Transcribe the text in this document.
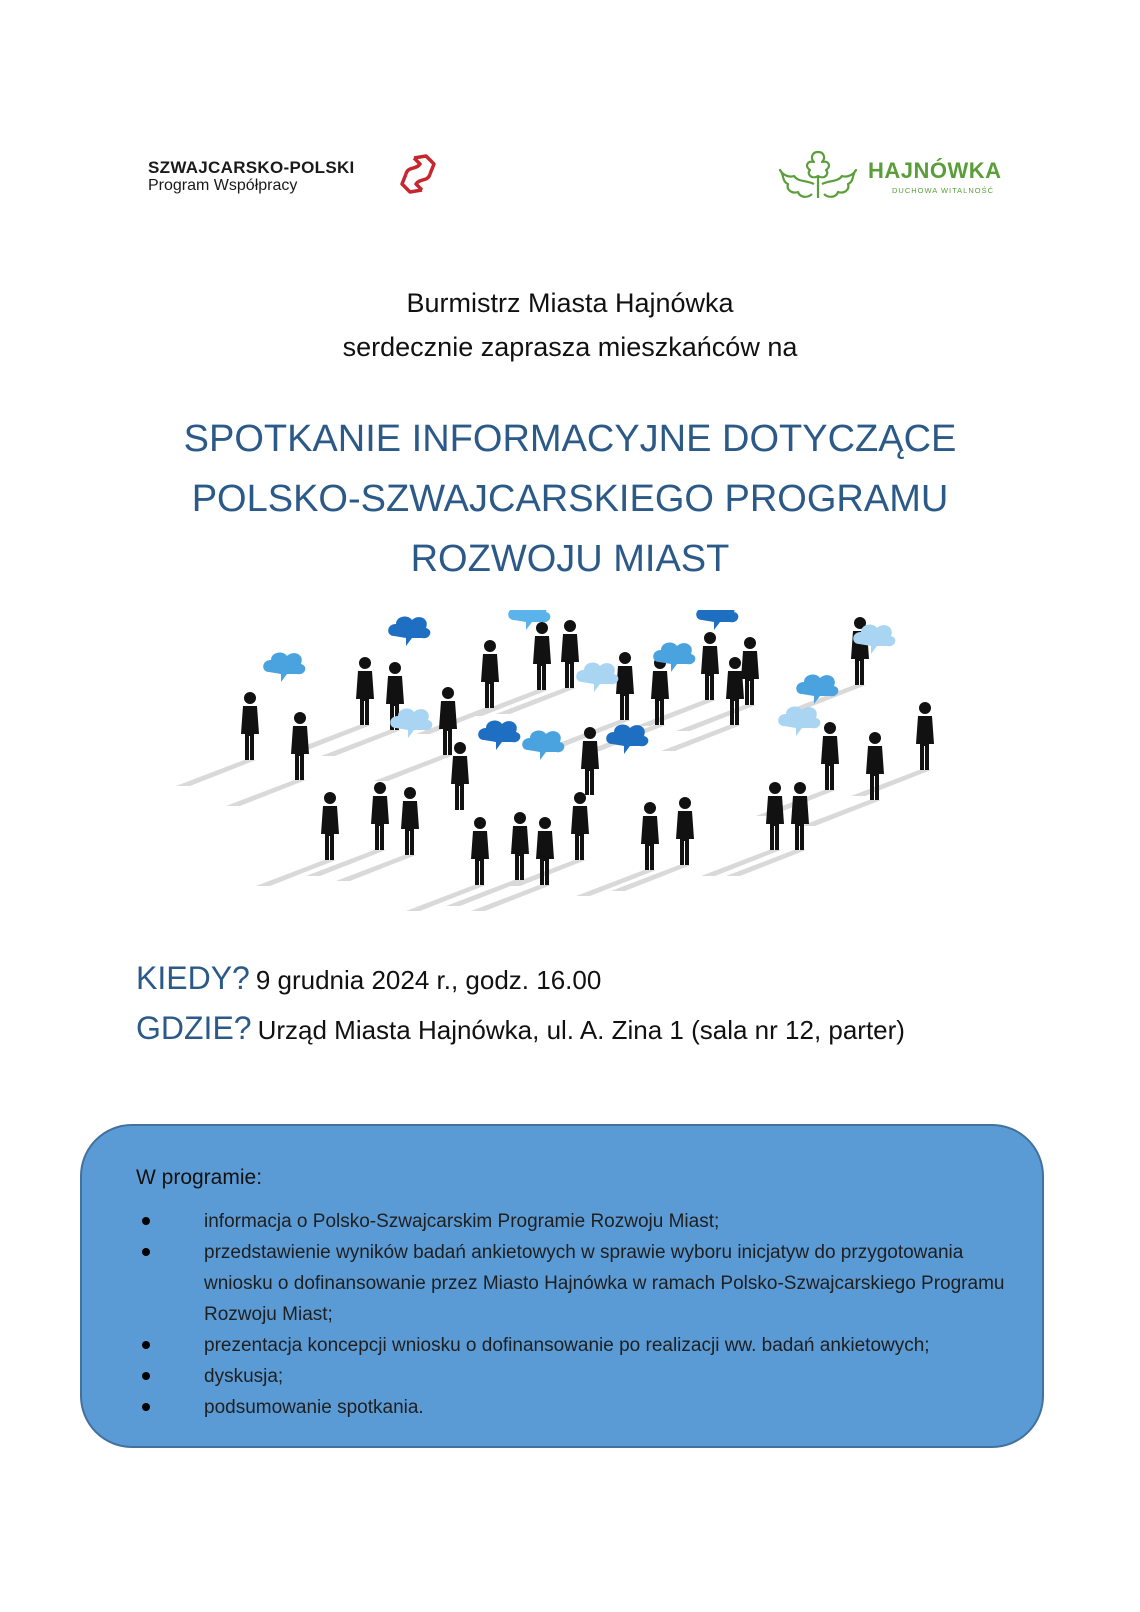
SZWAJCARSKO-POLSKI
Program Współpracy
HAJNÓWKA
DUCHOWA WITALNOŚĆ
Burmistrz Miasta Hajnówka
serdecznie zaprasza mieszkańców na
SPOTKANIE INFORMACYJNE DOTYCZĄCE
POLSKO-SZWAJCARSKIEGO PROGRAMU
ROZWOJU MIAST
KIEDY? 9 grudnia 2024 r., godz. 16.00
GDZIE? Urząd Miasta Hajnówka, ul. A. Zina 1 (sala nr 12, parter)
W programie:
informacja o Polsko-Szwajcarskim Programie Rozwoju Miast;
przedstawienie wyników badań ankietowych w sprawie wyboru inicjatyw do przygotowania wniosku o dofinansowanie przez Miasto Hajnówka w ramach Polsko-Szwajcarskiego Programu Rozwoju Miast;
prezentacja koncepcji wniosku o dofinansowanie po realizacji ww. badań ankietowych;
dyskusja;
podsumowanie spotkania.
